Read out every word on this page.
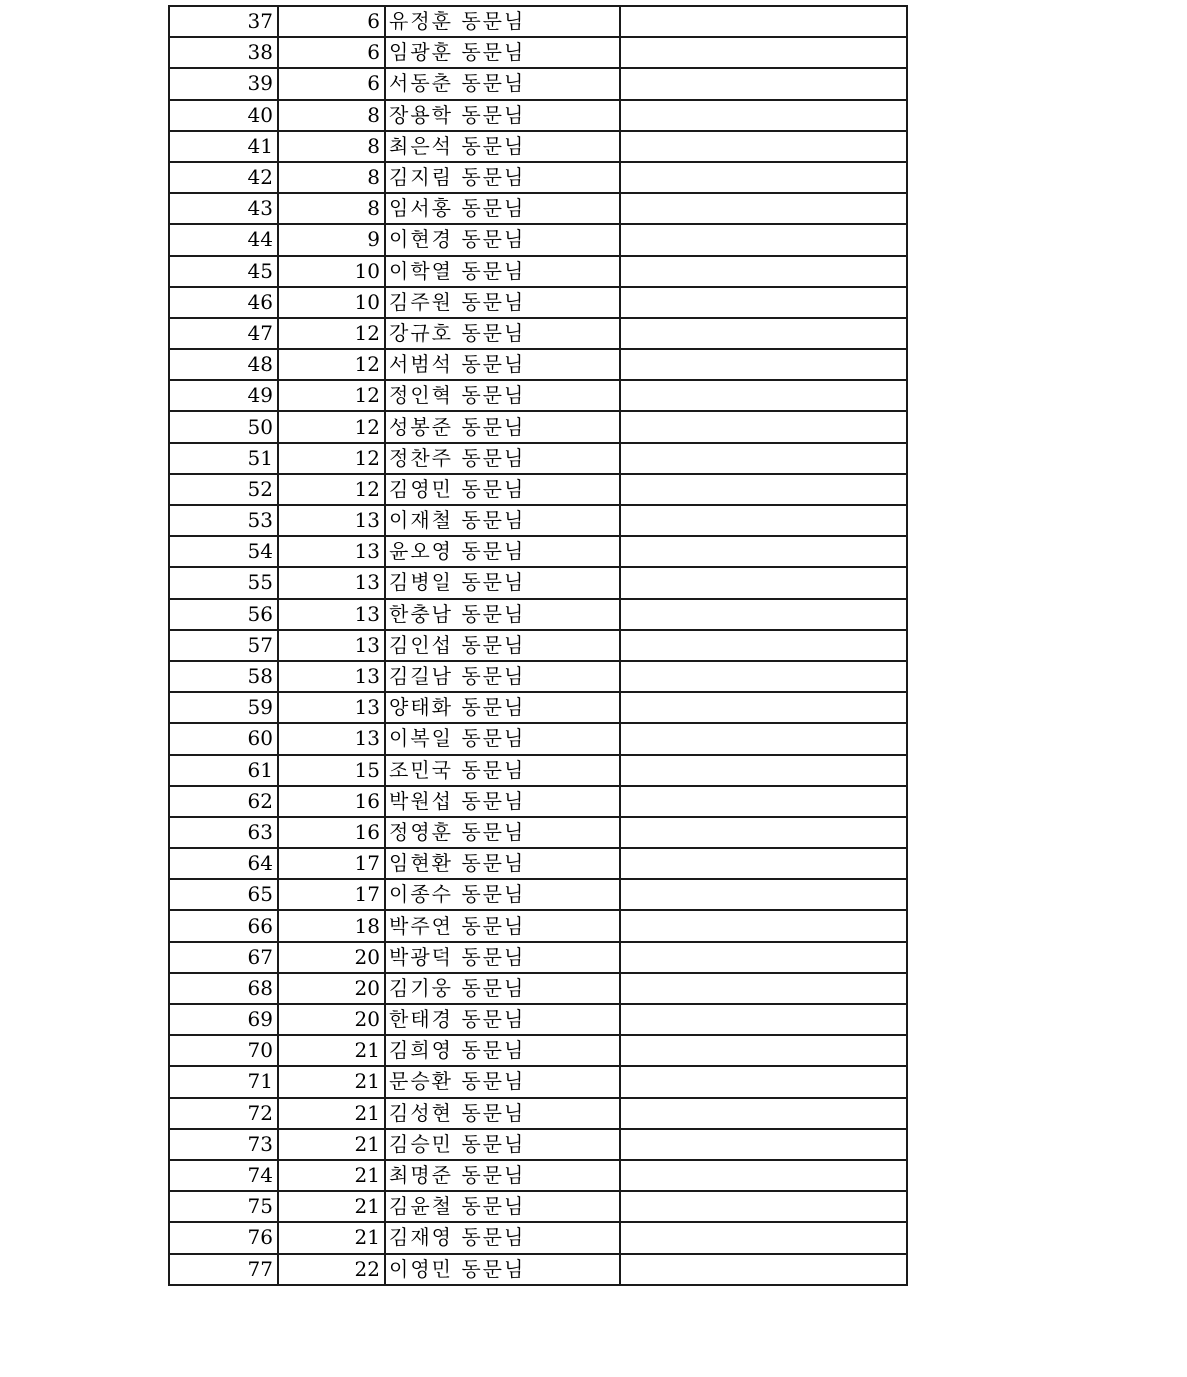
37	6	유정훈 동문님	
38	6	임광훈 동문님	
39	6	서동춘 동문님	
40	8	장용학 동문님	
41	8	최은석 동문님	
42	8	김지림 동문님	
43	8	임서홍 동문님	
44	9	이현경 동문님	
45	10	이학열 동문님	
46	10	김주원 동문님	
47	12	강규호 동문님	
48	12	서범석 동문님	
49	12	정인혁 동문님	
50	12	성봉준 동문님	
51	12	정찬주 동문님	
52	12	김영민 동문님	
53	13	이재철 동문님	
54	13	윤오영 동문님	
55	13	김병일 동문님	
56	13	한충남 동문님	
57	13	김인섭 동문님	
58	13	김길남 동문님	
59	13	양태화 동문님	
60	13	이복일 동문님	
61	15	조민국 동문님	
62	16	박원섭 동문님	
63	16	정영훈 동문님	
64	17	임현환 동문님	
65	17	이종수 동문님	
66	18	박주연 동문님	
67	20	박광덕 동문님	
68	20	김기웅 동문님	
69	20	한태경 동문님	
70	21	김희영 동문님	
71	21	문승환 동문님	
72	21	김성현 동문님	
73	21	김승민 동문님	
74	21	최명준 동문님	
75	21	김윤철 동문님	
76	21	김재영 동문님	
77	22	이영민 동문님	
